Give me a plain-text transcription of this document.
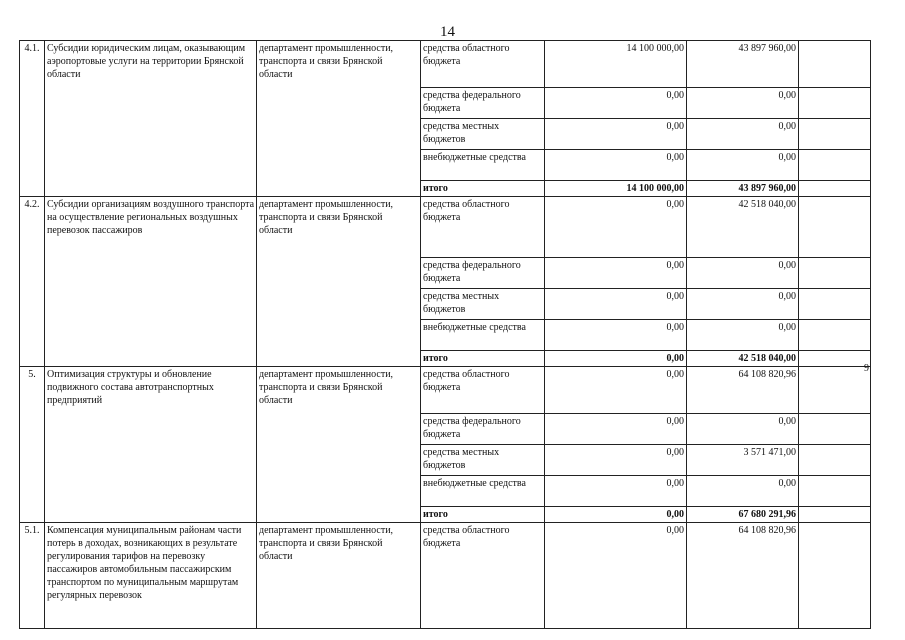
14
4.1.	Субсидии юридическим лицам, оказывающим аэропортовые услуги на территории Брянской области	департамент промышленности, транспорта и связи Брянской области	средства областного бюджета	14 100 000,00	43 897 960,00	
			средства федерального бюджета	0,00	0,00	
			средства местных бюджетов	0,00	0,00	
			внебюджетные средства	0,00	0,00	
			итого	14 100 000,00	43 897 960,00	
4.2.	Субсидии организациям воздушного транспорта на осуществление региональных воздушных перевозок пассажиров	департамент промышленности, транспорта и связи Брянской области	средства областного бюджета	0,00	42 518 040,00	
			средства федерального бюджета	0,00	0,00	
			средства местных бюджетов	0,00	0,00	
			внебюджетные средства	0,00	0,00	
			итого	0,00	42 518 040,00	
5.	Оптимизация структуры и обновление подвижного состава автотранспортных предприятий	департамент промышленности, транспорта и связи Брянской области	средства областного бюджета	0,00	64 108 820,96	
			средства федерального бюджета	0,00	0,00	
			средства местных бюджетов	0,00	3 571 471,00	
			внебюджетные средства	0,00	0,00	
			итого	0,00	67 680 291,96	
5.1.	Компенсация муниципальным районам части потерь в доходах, возникающих в результате регулирования тарифов на перевозку пассажиров автомобильным пассажирским транспортом по муниципальным маршрутам регулярных перевозок	департамент промышленности, транспорта и связи Брянской области	средства областного бюджета	0,00	64 108 820,96	
9
